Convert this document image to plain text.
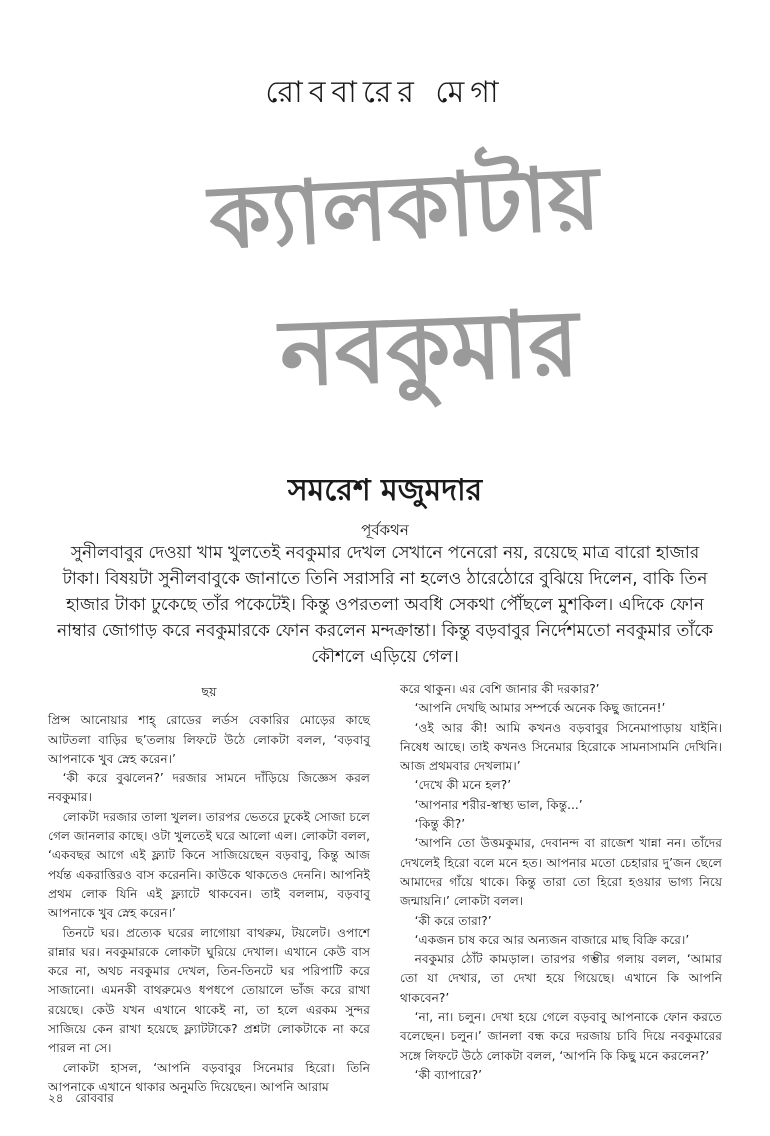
রোববারের মেগা
ক্যালকাটায়
নবকুমার
সমরেশ মজুমদার
পূর্বকথন

সুনীলবাবুর দেওয়া খাম খুলতেই নবকুমার দেখল সেখানে পনেরো নয়, রয়েছে মাত্র বারো হাজার টাকা। বিষয়টা সুনীলবাবুকে জানাতে তিনি সরাসরি না হলেও ঠারেঠোরে বুঝিয়ে দিলেন, বাকি তিন হাজার টাকা ঢুকেছে তাঁর পকেটেই। কিন্তু ওপরতলা অবধি সেকথা পৌঁছলে মুশকিল। এদিকে ফোন নাম্বার জোগাড় করে নবকুমারকে ফোন করলেন মন্দক্রান্তা। কিন্তু বড়বাবুর নির্দেশমতো নবকুমার তাঁকে কৌশলে এড়িয়ে গেল।

ছয়

প্রিন্স আনোয়ার শাহ্‌ রোডের লর্ডস বেকারির মোড়ের কাছে আটতলা বাড়ির ছ’তলায় লিফটে উঠে লোকটা বলল, ‘বড়বাবু আপনাকে খুব স্নেহ করেন।’

‘কী করে বুঝলেন?’ দরজার সামনে দাঁড়িয়ে জিজ্ঞেস করল নবকুমার।

লোকটা দরজার তালা খুলল। তারপর ভেতরে ঢুকেই সোজা চলে গেল জানলার কাছে। ওটা খুলতেই ঘরে আলো এল। লোকটা বলল, ‘একবছর আগে এই ফ্ল্যাট কিনে সাজিয়েছেন বড়বাবু, কিন্তু আজ পর্যন্ত একরাত্তিরও বাস করেননি। কাউকে থাকতেও দেননি। আপনিই প্রথম লোক যিনি এই ফ্ল্যাটে থাকবেন। তাই বললাম, বড়বাবু আপনাকে খুব স্নেহ করেন।’

তিনটে ঘর। প্রত্যেক ঘরের লাগোয়া বাথরুম, টয়লেট। ওপাশে রান্নার ঘর। নবকুমারকে লোকটা ঘুরিয়ে দেখাল। এখানে কেউ বাস করে না, অথচ নবকুমার দেখল, তিন-তিনটে ঘর পরিপাটি করে সাজানো। এমনকী বাথরুমেও ধপধপে তোয়ালে ভাঁজ করে রাখা রয়েছে। কেউ যখন এখানে থাকেই না, তা হলে এরকম সুন্দর সাজিয়ে কেন রাখা হয়েছে ফ্ল্যাটটাকে? প্রশ্নটা লোকটাকে না করে পারল না সে।

লোকটা হাসল, ‘আপনি বড়বাবুর সিনেমার হিরো। তিনি আপনাকে এখানে থাকার অনুমতি দিয়েছেন। আপনি আরাম

করে থাকুন। এর বেশি জানার কী দরকার?’

‘আপনি দেখছি আমার সম্পর্কে অনেক কিছু জানেন!’

‘ওই আর কী! আমি কখনও বড়বাবুর সিনেমাপাড়ায় যাইনি। নিষেধ আছে। তাই কখনও সিনেমার হিরোকে সামনাসামনি দেখিনি। আজ প্রথমবার দেখলাম।’

‘দেখে কী মনে হল?’

‘আপনার শরীর-স্বাস্থ্য ভাল, কিন্তু...’

‘কিন্তু কী?’

‘আপনি তো উত্তমকুমার, দেবানন্দ বা রাজেশ খান্না নন। তাঁদের দেখলেই হিরো বলে মনে হত। আপনার মতো চেহারার দু’জন ছেলে আমাদের গাঁয়ে থাকে। কিন্তু তারা তো হিরো হওয়ার ভাগ্য নিয়ে জন্মায়নি।’ লোকটা বলল।

‘কী করে তারা?’

‘একজন চাষ করে আর অন্যজন বাজারে মাছ বিক্রি করে।’

নবকুমার ঠোঁট কামড়াল। তারপর গম্ভীর গলায় বলল, ‘আমার তো যা দেখার, তা দেখা হয়ে গিয়েছে। এখানে কি আপনি থাকবেন?’

‘না, না। চলুন। দেখা হয়ে গেলে বড়বাবু আপনাকে ফোন করতে বলেছেন। চলুন।’ জানলা বন্ধ করে দরজায় চাবি দিয়ে নবকুমারের সঙ্গে লিফটে উঠে লোকটা বলল, ‘আপনি কি কিছু মনে করলেন?’

‘কী ব্যাপারে?’

২৪ রোববার
